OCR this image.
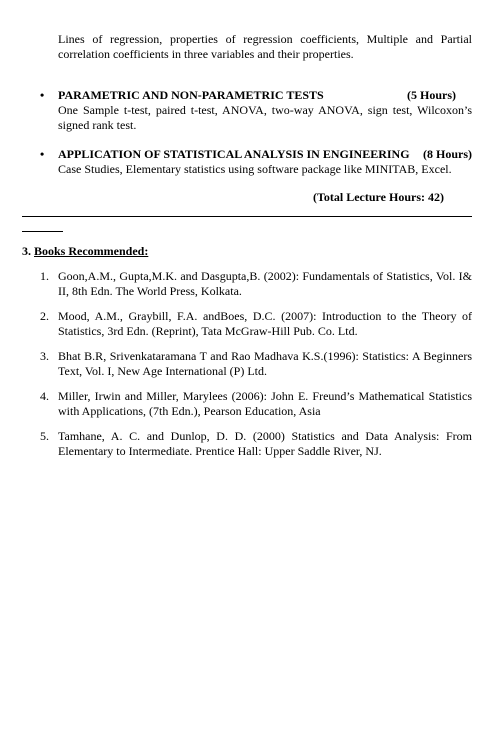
Lines of regression, properties of regression coefficients, Multiple and Partial correlation coefficients in three variables and their properties.
• PARAMETRIC AND NON-PARAMETRIC TESTS	(5 Hours)
One Sample t-test, paired t-test, ANOVA, two-way ANOVA, sign test, Wilcoxon’s signed rank test.
• APPLICATION OF STATISTICAL ANALYSIS IN ENGINEERING (8 Hours)
Case Studies, Elementary statistics using software package like MINITAB, Excel.
(Total Lecture Hours: 42)
3. Books Recommended:
1. Goon,A.M., Gupta,M.K. and Dasgupta,B. (2002): Fundamentals of Statistics, Vol. I& II, 8th Edn. The World Press, Kolkata.
2. Mood, A.M., Graybill, F.A. andBoes, D.C. (2007): Introduction to the Theory of Statistics, 3rd Edn. (Reprint), Tata McGraw-Hill Pub. Co. Ltd.
3. Bhat B.R, Srivenkataramana T and Rao Madhava K.S.(1996): Statistics: A Beginners Text, Vol. I, New Age International (P) Ltd.
4. Miller, Irwin and Miller, Marylees (2006): John E. Freund’s Mathematical Statistics with Applications, (7th Edn.), Pearson Education, Asia
5. Tamhane, A. C. and Dunlop, D. D. (2000) Statistics and Data Analysis: From Elementary to Intermediate. Prentice Hall: Upper Saddle River, NJ.
